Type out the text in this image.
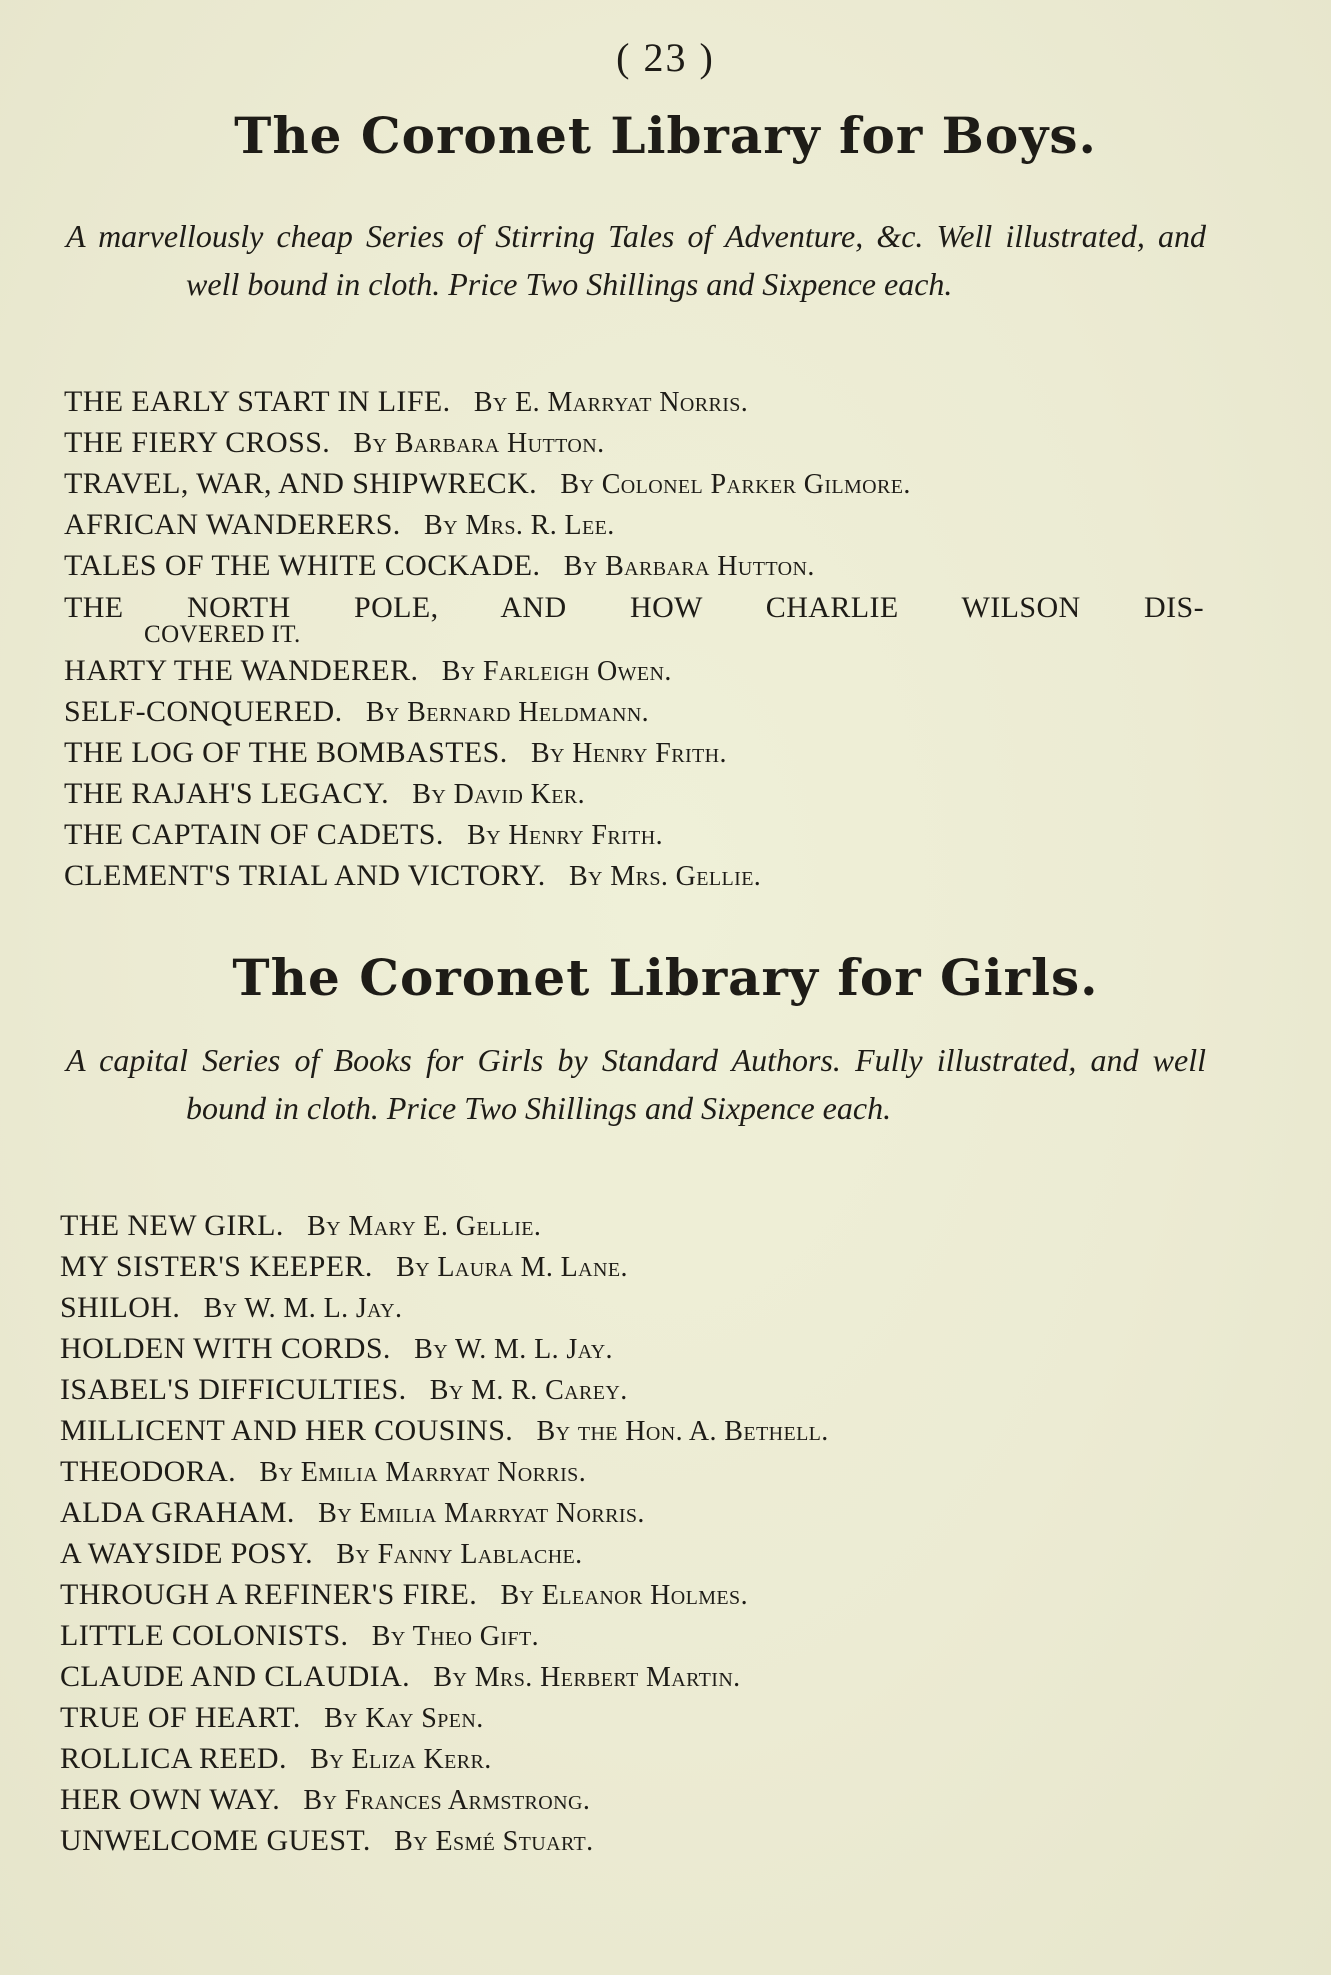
( 23 )
The Coronet Library for Boys.

A marvellously cheap Series of Stirring Tales of Adventure, &c. Well illustrated, and well bound in cloth. Price Two Shillings and Sixpence each.

THE EARLY START IN LIFE.  By E. Marryat Norris.
THE FIERY CROSS.  By Barbara Hutton.
TRAVEL, WAR, AND SHIPWRECK.  By Colonel Parker Gilmore.
AFRICAN WANDERERS.  By Mrs. R. Lee.
TALES OF THE WHITE COCKADE.  By Barbara Hutton.
THE NORTH POLE, AND HOW CHARLIE WILSON DIS-
COVERED IT.
HARTY THE WANDERER.  By Farleigh Owen.
SELF-CONQUERED.  By Bernard Heldmann.
THE LOG OF THE BOMBASTES.  By Henry Frith.
THE RAJAH'S LEGACY.  By David Ker.
THE CAPTAIN OF CADETS.  By Henry Frith.
CLEMENT'S TRIAL AND VICTORY.  By Mrs. Gellie.
The Coronet Library for Girls.

A capital Series of Books for Girls by Standard Authors. Fully illustrated, and well bound in cloth. Price Two Shillings and Sixpence each.

THE NEW GIRL.  By Mary E. Gellie.
MY SISTER'S KEEPER.  By Laura M. Lane.
SHILOH.  By W. M. L. Jay.
HOLDEN WITH CORDS.  By W. M. L. Jay.
ISABEL'S DIFFICULTIES.  By M. R. Carey.
MILLICENT AND HER COUSINS.  By the Hon. A. Bethell.
THEODORA.  By Emilia Marryat Norris.
ALDA GRAHAM.  By Emilia Marryat Norris.
A WAYSIDE POSY.  By Fanny Lablache.
THROUGH A REFINER'S FIRE.  By Eleanor Holmes.
LITTLE COLONISTS.  By Theo Gift.
CLAUDE AND CLAUDIA.  By Mrs. Herbert Martin.
TRUE OF HEART.  By Kay Spen.
ROLLICA REED.  By Eliza Kerr.
HER OWN WAY.  By Frances Armstrong.
UNWELCOME GUEST.  By Esmé Stuart.
